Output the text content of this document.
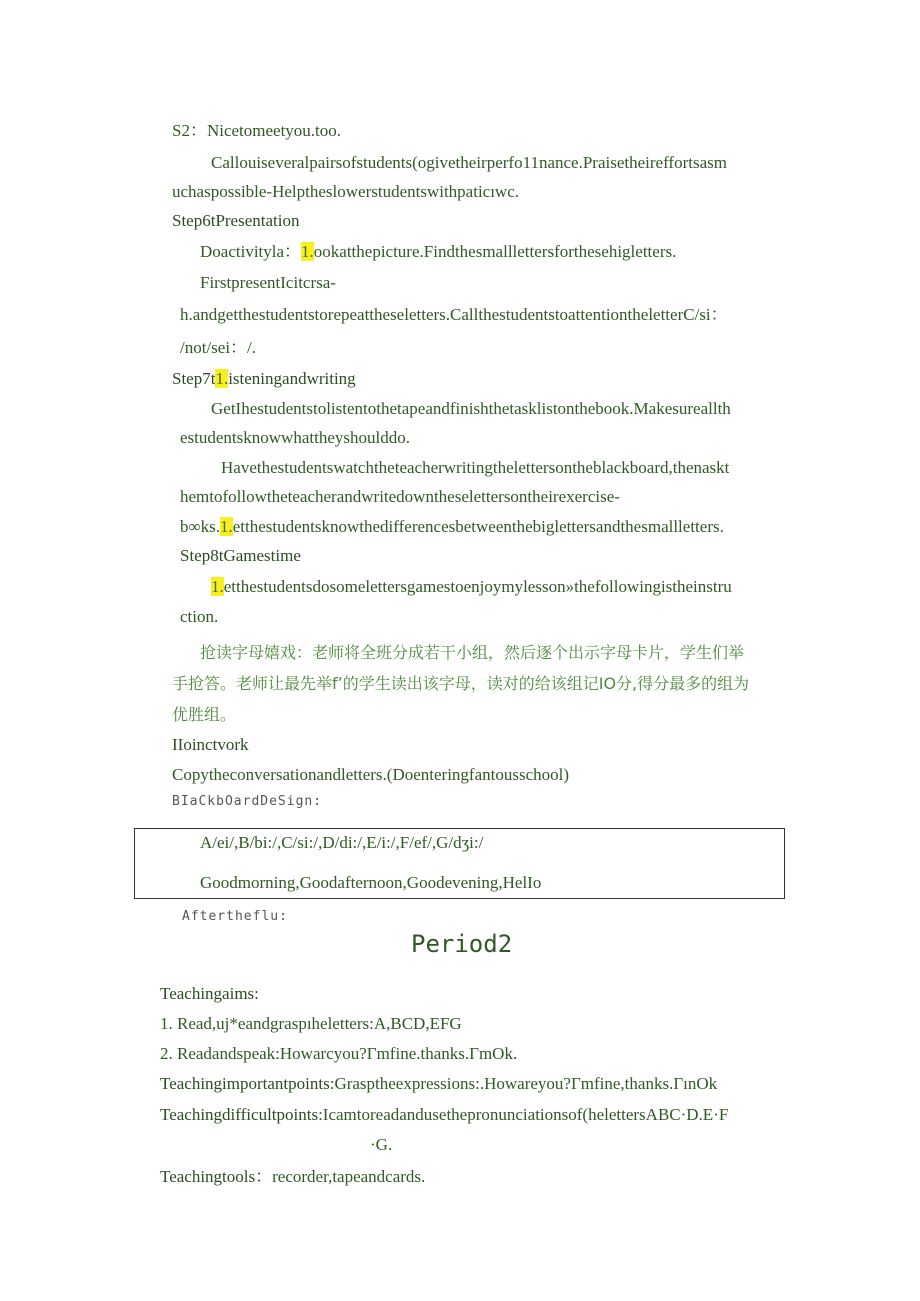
S2：Nicetomeetyou.too.
Callouiseveralpairsofstudents(ogivetheirperfo11nance.Praisetheireffortsasm
uchaspossible-Helptheslowerstudentswithpaticıwc.
Step6tPresentation
Doactivityla：1.ookatthepicture.Findthesmalllettersforthesehigletters.
FirstpresentIcitcrsa-
h.andgetthestudentstorepeattheseletters.CallthestudentstoattentiontheletterC/si：
/not/sei：/.
Step7t1.isteningandwriting
GetIhestudentstolistentothetapeandfinishthetasklistonthebook.Makesureallth
estudentsknowwhattheyshoulddo.
Havethestudentswatchtheteacherwritingthelettersontheblackboard,thenaskt
hemtofollowtheteacherandwritedowntheselettersontheirexercise-
b∞ks.1.etthestudentsknowthedifferencesbetweenthebiglettersandthesmallletters.
Step8tGamestime
1.etthestudentsdosomelettersgamestoenjoymylesson»thefollowingistheinstru
ction.
抢读字母嬉戏：老师将全班分成若干小组，然后逐个出示字母卡片，学生们举
手抢答。老师让最先举fʼ的学生读出该字母，读对的给该组记IO分,得分最多的组为
优胜组。
IIoinctvork
Copytheconversationandletters.(Doenteringfantousschool)
BIaCkbOardDeSign:
A/ei/,B/bi:/,C/si:/,D/di:/,E/i:/,F/ef/,G/dʒi:/
Goodmorning,Goodafternoon,Goodevening,HelIo
Aftertheflu:
Period2
Teachingaims:
1. Read,uj*eandgraspıheletters:A,BCD,EFG
2. Readandspeak:Howarcyou?Γmfine.thanks.ΓmOk.
Teachingimportantpoints:Grasptheexpressions:.Howareyou?Γmfine,thanks.ΓınOk
Teachingdifficultpoints:Icamtoreadandusethepronunciationsof(helettersABC·D.E·F
·G.
Teachingtools：recorder,tapeandcards.
